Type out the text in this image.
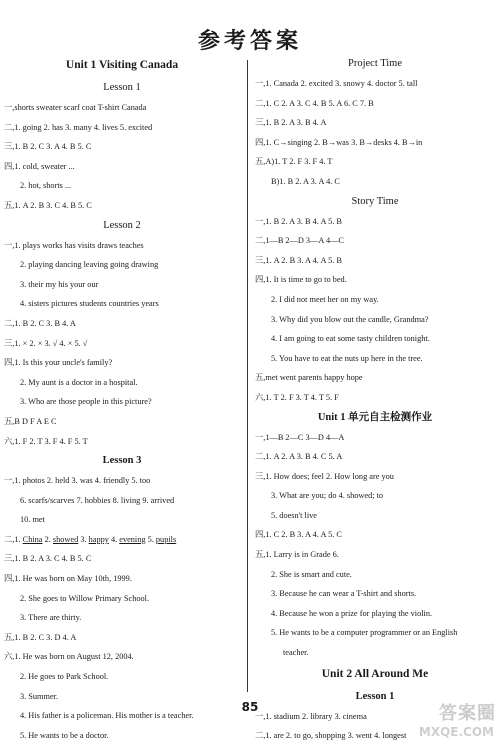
参考答案
Unit 1 Visiting Canada
Lesson 1
一,shorts sweater scarf coat T-shirt Canada
二,1. going 2. has 3. many 4. lives 5. excited
三,1. B 2. C 3. A 4. B 5. C
四,1. cold, sweater ...
2. hot, shorts ...
五,1. A 2. B 3. C 4. B 5. C
Lesson 2
一,1. plays works has visits draws teaches
2. playing dancing leaving going drawing
3. their my his your our
4. sisters pictures students countries years
二,1. B 2. C 3. B 4. A
三,1. × 2. × 3. √ 4. × 5. √
四,1. Is this your uncle's family?
2. My aunt is a doctor in a hospital.
3. Who are those people in this picture?
五,B D F A E C
六,1. F 2. T 3. F 4. F 5. T
Lesson 3
一,1. photos 2. held 3. was 4. friendly 5. too
6. scarfs/scarves 7. hobbies 8. living 9. arrived
10. met
二,1. China 2. showed 3. happy 4. evening 5. pupils
三,1. B 2. A 3. C 4. B 5. C
四,1. He was born on May 10th, 1999.
2. She goes to Willow Primary School.
3. There are thirty.
五,1. B 2. C 3. D 4. A
六,1. He was born on August 12, 2004.
2. He goes to Park School.
3. Summer.
4. His father is a policeman. His mother is a teacher.
5. He wants to be a doctor.
Project Time
一,1. Canada 2. excited 3. snowy 4. doctor 5. tall
二,1. C 2. A 3. C 4. B 5. A 6. C 7. B
三,1. B 2. A 3. B 4. A
四,1. C→singing 2. B→was 3. B→desks 4. B→in
五,A)1. T 2. F 3. F 4. T
B)1. B 2. A 3. A 4. C
Story Time
一,1. B 2. A 3. B 4. A 5. B
二,1—B 2—D 3—A 4—C
三,1. A 2. B 3. A 4. A 5. B
四,1. It is time to go to bed.
2. I did not meet her on my way.
3. Why did you blow out the candle, Grandma?
4. I am going to eat some tasty children tonight.
5. You have to eat the nuts up here in the tree.
五,met went parents happy hope
六,1. T 2. F 3. T 4. T 5. F
Unit 1 单元自主检测作业
一,1—B 2—C 3—D 4—A
二,1. A 2. A 3. B 4. C 5. A
三,1. How does; feel 2. How long are you
3. What are you; do 4. showed; to
5. doesn't live
四,1. C 2. B 3. A 4. A 5. C
五,1. Larry is in Grade 6.
2. She is smart and cute.
3. Because he can wear a T-shirt and shorts.
4. Because he won a prize for playing the violin.
5. He wants to be a computer programmer or an English
teacher.
Unit 2 All Around Me
Lesson 1
一,1. stadium 2. library 3. cinema
二,1. are 2. to go, shopping 3. went 4. longest
85	答案圈
MXQE.COM
